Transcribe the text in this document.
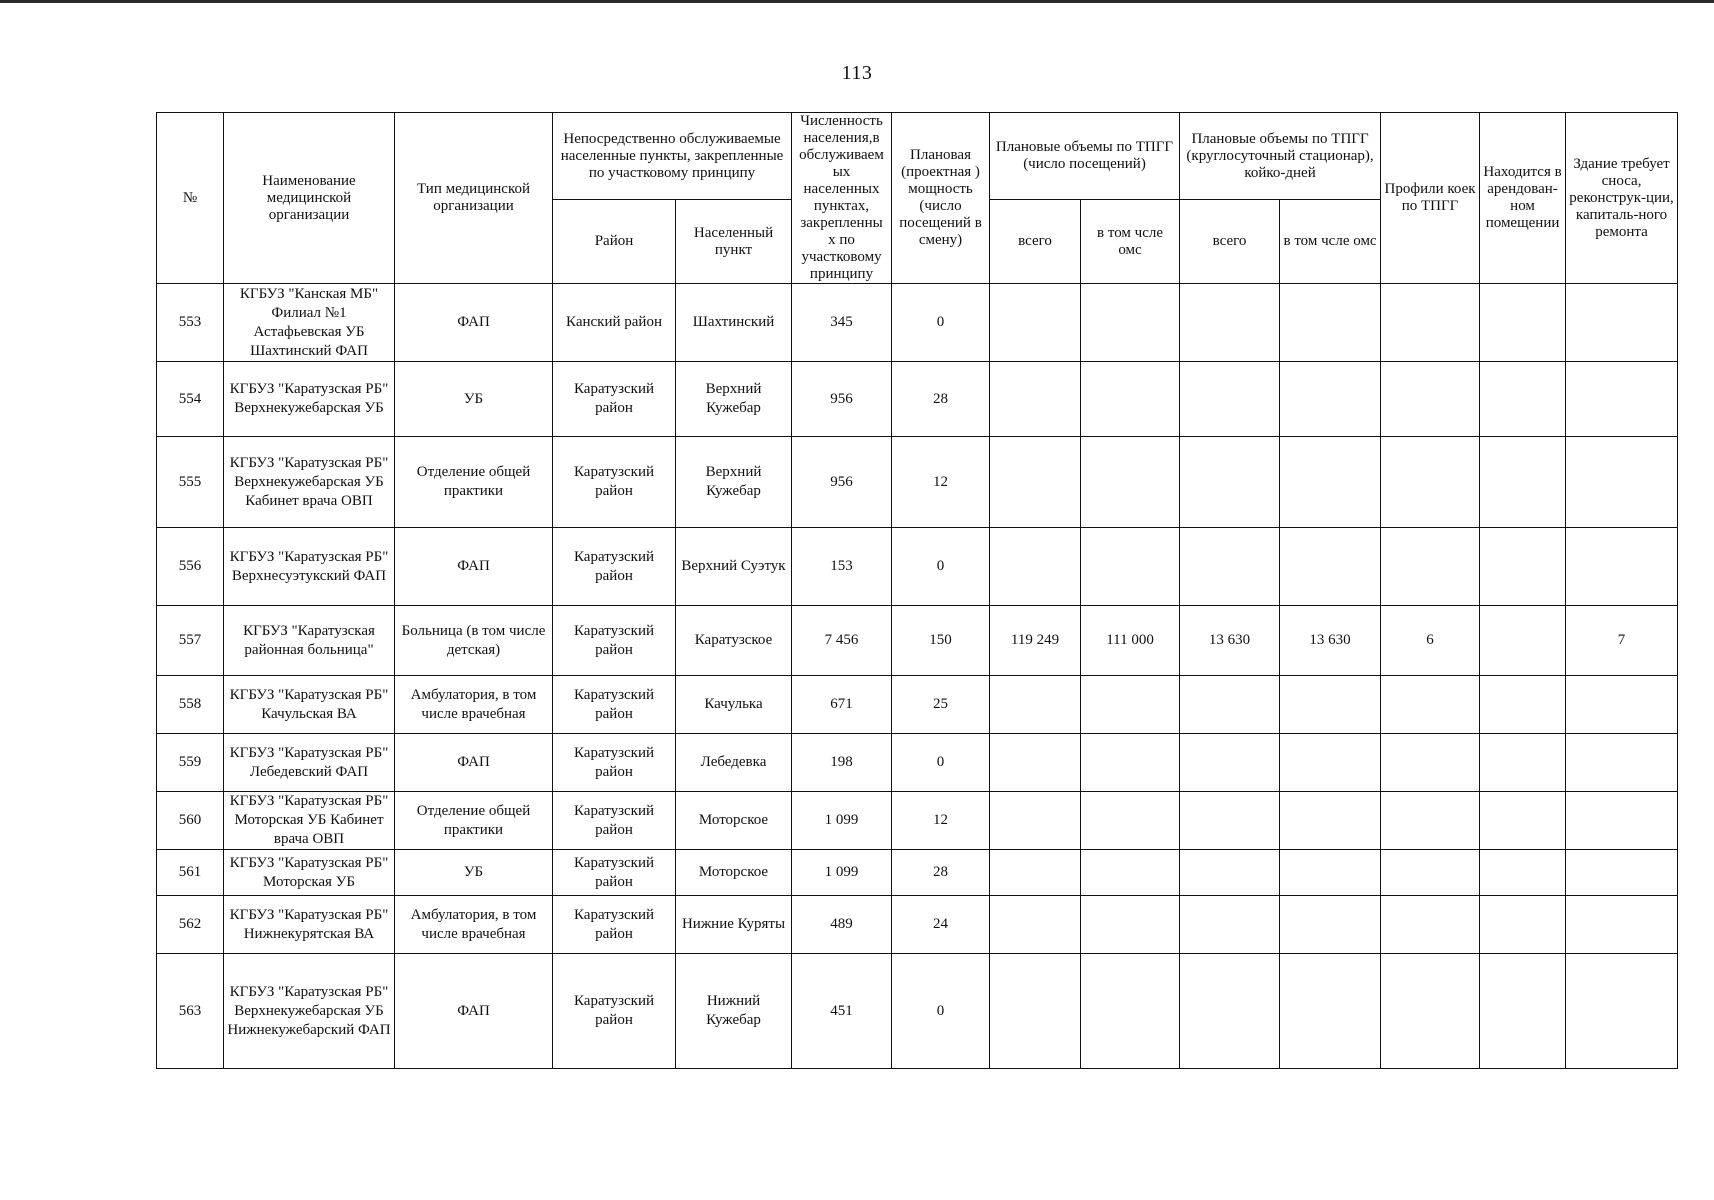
113
№	Наименование медицинской организации	Тип медицинской организации	Непосредственно обслуживаемые населенные пункты, закрепленные по участковому принципу		Численность населения,в обслуживаем ых населенных пунктах, закрепленны х по участковому принципу	Плановая (проектная ) мощность (число посещений в смену)	Плановые объемы по ТПГГ (число посещений)		Плановые объемы по ТПГГ (круглосуточный стационар), койко-дней		Профили коек по ТПГГ	Находится в арендован-ном помещении	Здание требует сноса, реконструк-ции, капиталь-ного ремонта
			Район	Населенный пункт			всего	в том чсле омс	всего	в том чсле омс			
553	КГБУЗ "Канская МБ" Филиал №1 Астафьевская УБ Шахтинский ФАП	ФАП	Канский район	Шахтинский	345	0							
554	КГБУЗ "Каратузская РБ" Верхнекужебарская УБ	УБ	Каратузский район	Верхний Кужебар	956	28							
555	КГБУЗ "Каратузская РБ" Верхнекужебарская УБ Кабинет врача ОВП	Отделение общей практики	Каратузский район	Верхний Кужебар	956	12							
556	КГБУЗ "Каратузская РБ" Верхнесуэтукский ФАП	ФАП	Каратузский район	Верхний Суэтук	153	0							
557	КГБУЗ "Каратузская районная больница"	Больница (в том числе детская)	Каратузский район	Каратузское	7 456	150	119 249	111 000	13 630	13 630	6		7
558	КГБУЗ "Каратузская РБ" Качульская ВА	Амбулатория, в том числе врачебная	Каратузский район	Качулька	671	25							
559	КГБУЗ "Каратузская РБ" Лебедевский ФАП	ФАП	Каратузский район	Лебедевка	198	0							
560	КГБУЗ "Каратузская РБ" Моторская УБ Кабинет врача ОВП	Отделение общей практики	Каратузский район	Моторское	1 099	12							
561	КГБУЗ "Каратузская РБ" Моторская УБ	УБ	Каратузский район	Моторское	1 099	28							
562	КГБУЗ "Каратузская РБ" Нижнекурятская ВА	Амбулатория, в том числе врачебная	Каратузский район	Нижние Куряты	489	24							
563	КГБУЗ "Каратузская РБ" Верхнекужебарская УБ Нижнекужебарский ФАП	ФАП	Каратузский район	Нижний Кужебар	451	0							
